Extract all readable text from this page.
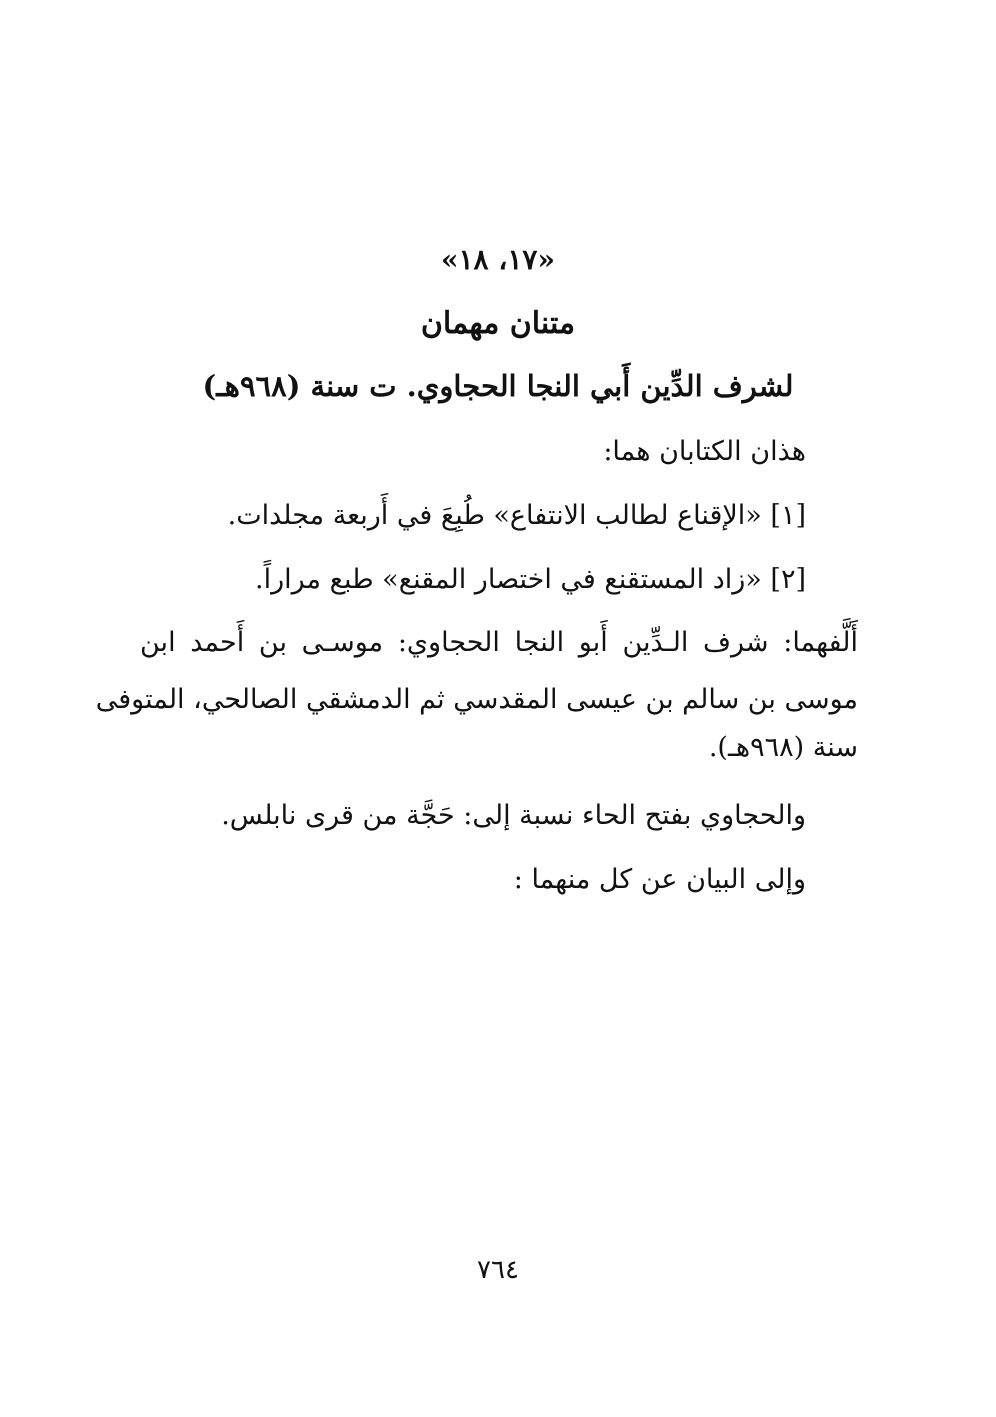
«١٧، ١٨»
متنان مهمان
لشرف الدِّين أَبي النجا الحجاوي. ت سنة (٩٦٨هـ)
هذان الكتابان هما:
[١] «الإقناع لطالب الانتفاع» طُبِعَ في أَربعة مجلدات.
[٢] «زاد المستقنع في اختصار المقنع» طبع مراراً.
أَلَّفهما: شرف الـدِّين أَبو النجا الحجاوي: موسـى بن أَحمد ابن
موسى بن سالم بن عيسى المقدسي ثم الدمشقي الصالحي، المتوفى
سنة (٩٦٨هـ).
والحجاوي بفتح الحاء نسبة إلى: حَجَّة من قرى نابلس.
وإلى البيان عن كل منهما :
٧٦٤
